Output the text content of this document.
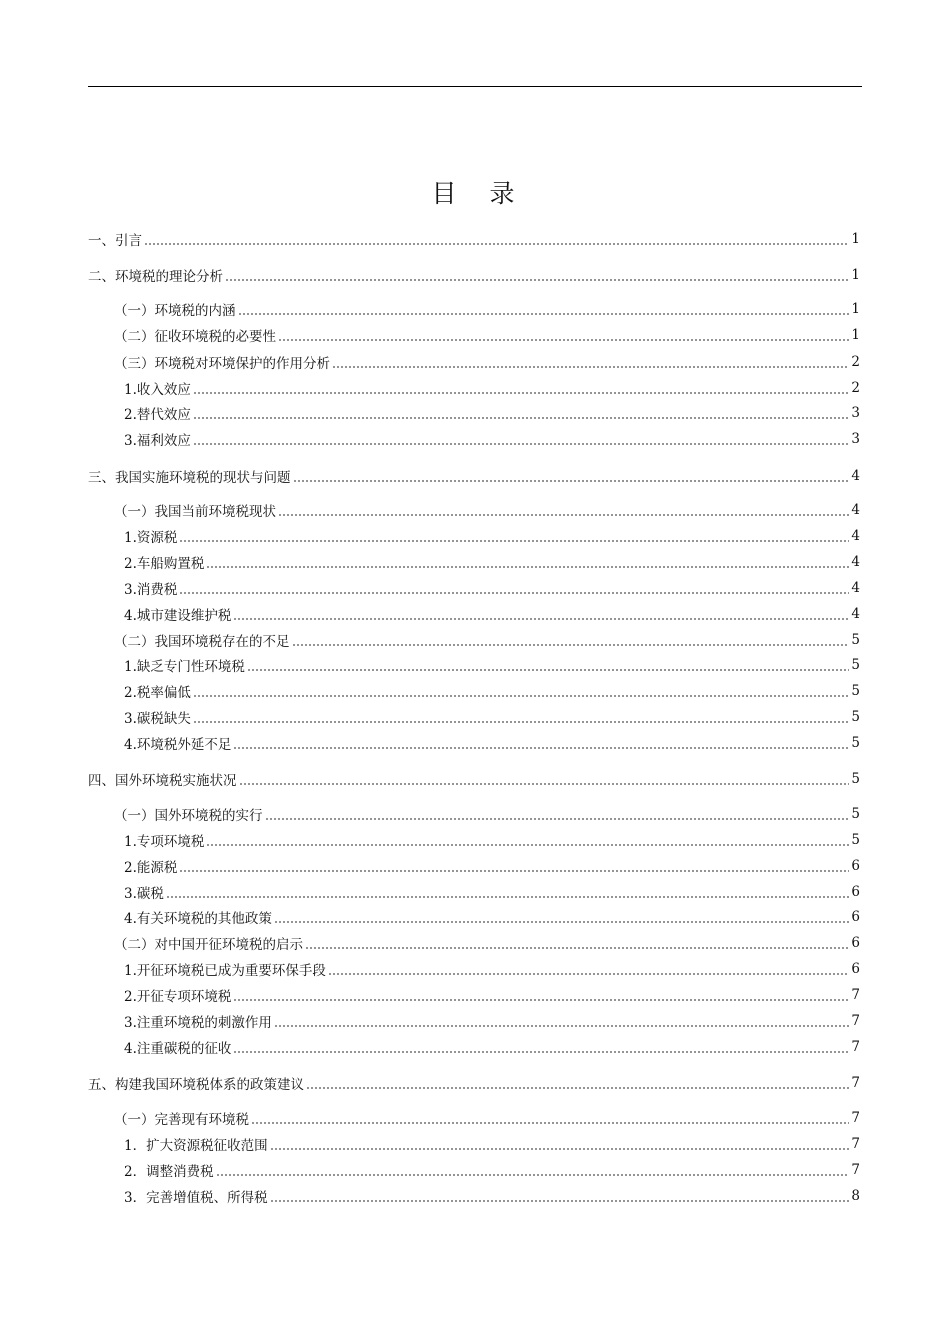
目　录
一、引言	1
二、环境税的理论分析	1
（一）环境税的内涵	1
（二）征收环境税的必要性	1
（三）环境税对环境保护的作用分析	2
1.收入效应	2
2.替代效应	3
3.福利效应	3
三、我国实施环境税的现状与问题	4
（一）我国当前环境税现状	4
1.资源税	4
2.车船购置税	4
3.消费税	4
4.城市建设维护税	4
（二）我国环境税存在的不足	5
1.缺乏专门性环境税	5
2.税率偏低	5
3.碳税缺失	5
4.环境税外延不足	5
四、国外环境税实施状况	5
（一）国外环境税的实行	5
1.专项环境税	5
2.能源税	6
3.碳税	6
4.有关环境税的其他政策	6
（二）对中国开征环境税的启示	6
1.开征环境税已成为重要环保手段	6
2.开征专项环境税	7
3.注重环境税的刺激作用	7
4.注重碳税的征收	7
五、构建我国环境税体系的政策建议	7
（一）完善现有环境税	7
1．扩大资源税征收范围	7
2．调整消费税	7
3．完善增值税、所得税	8
